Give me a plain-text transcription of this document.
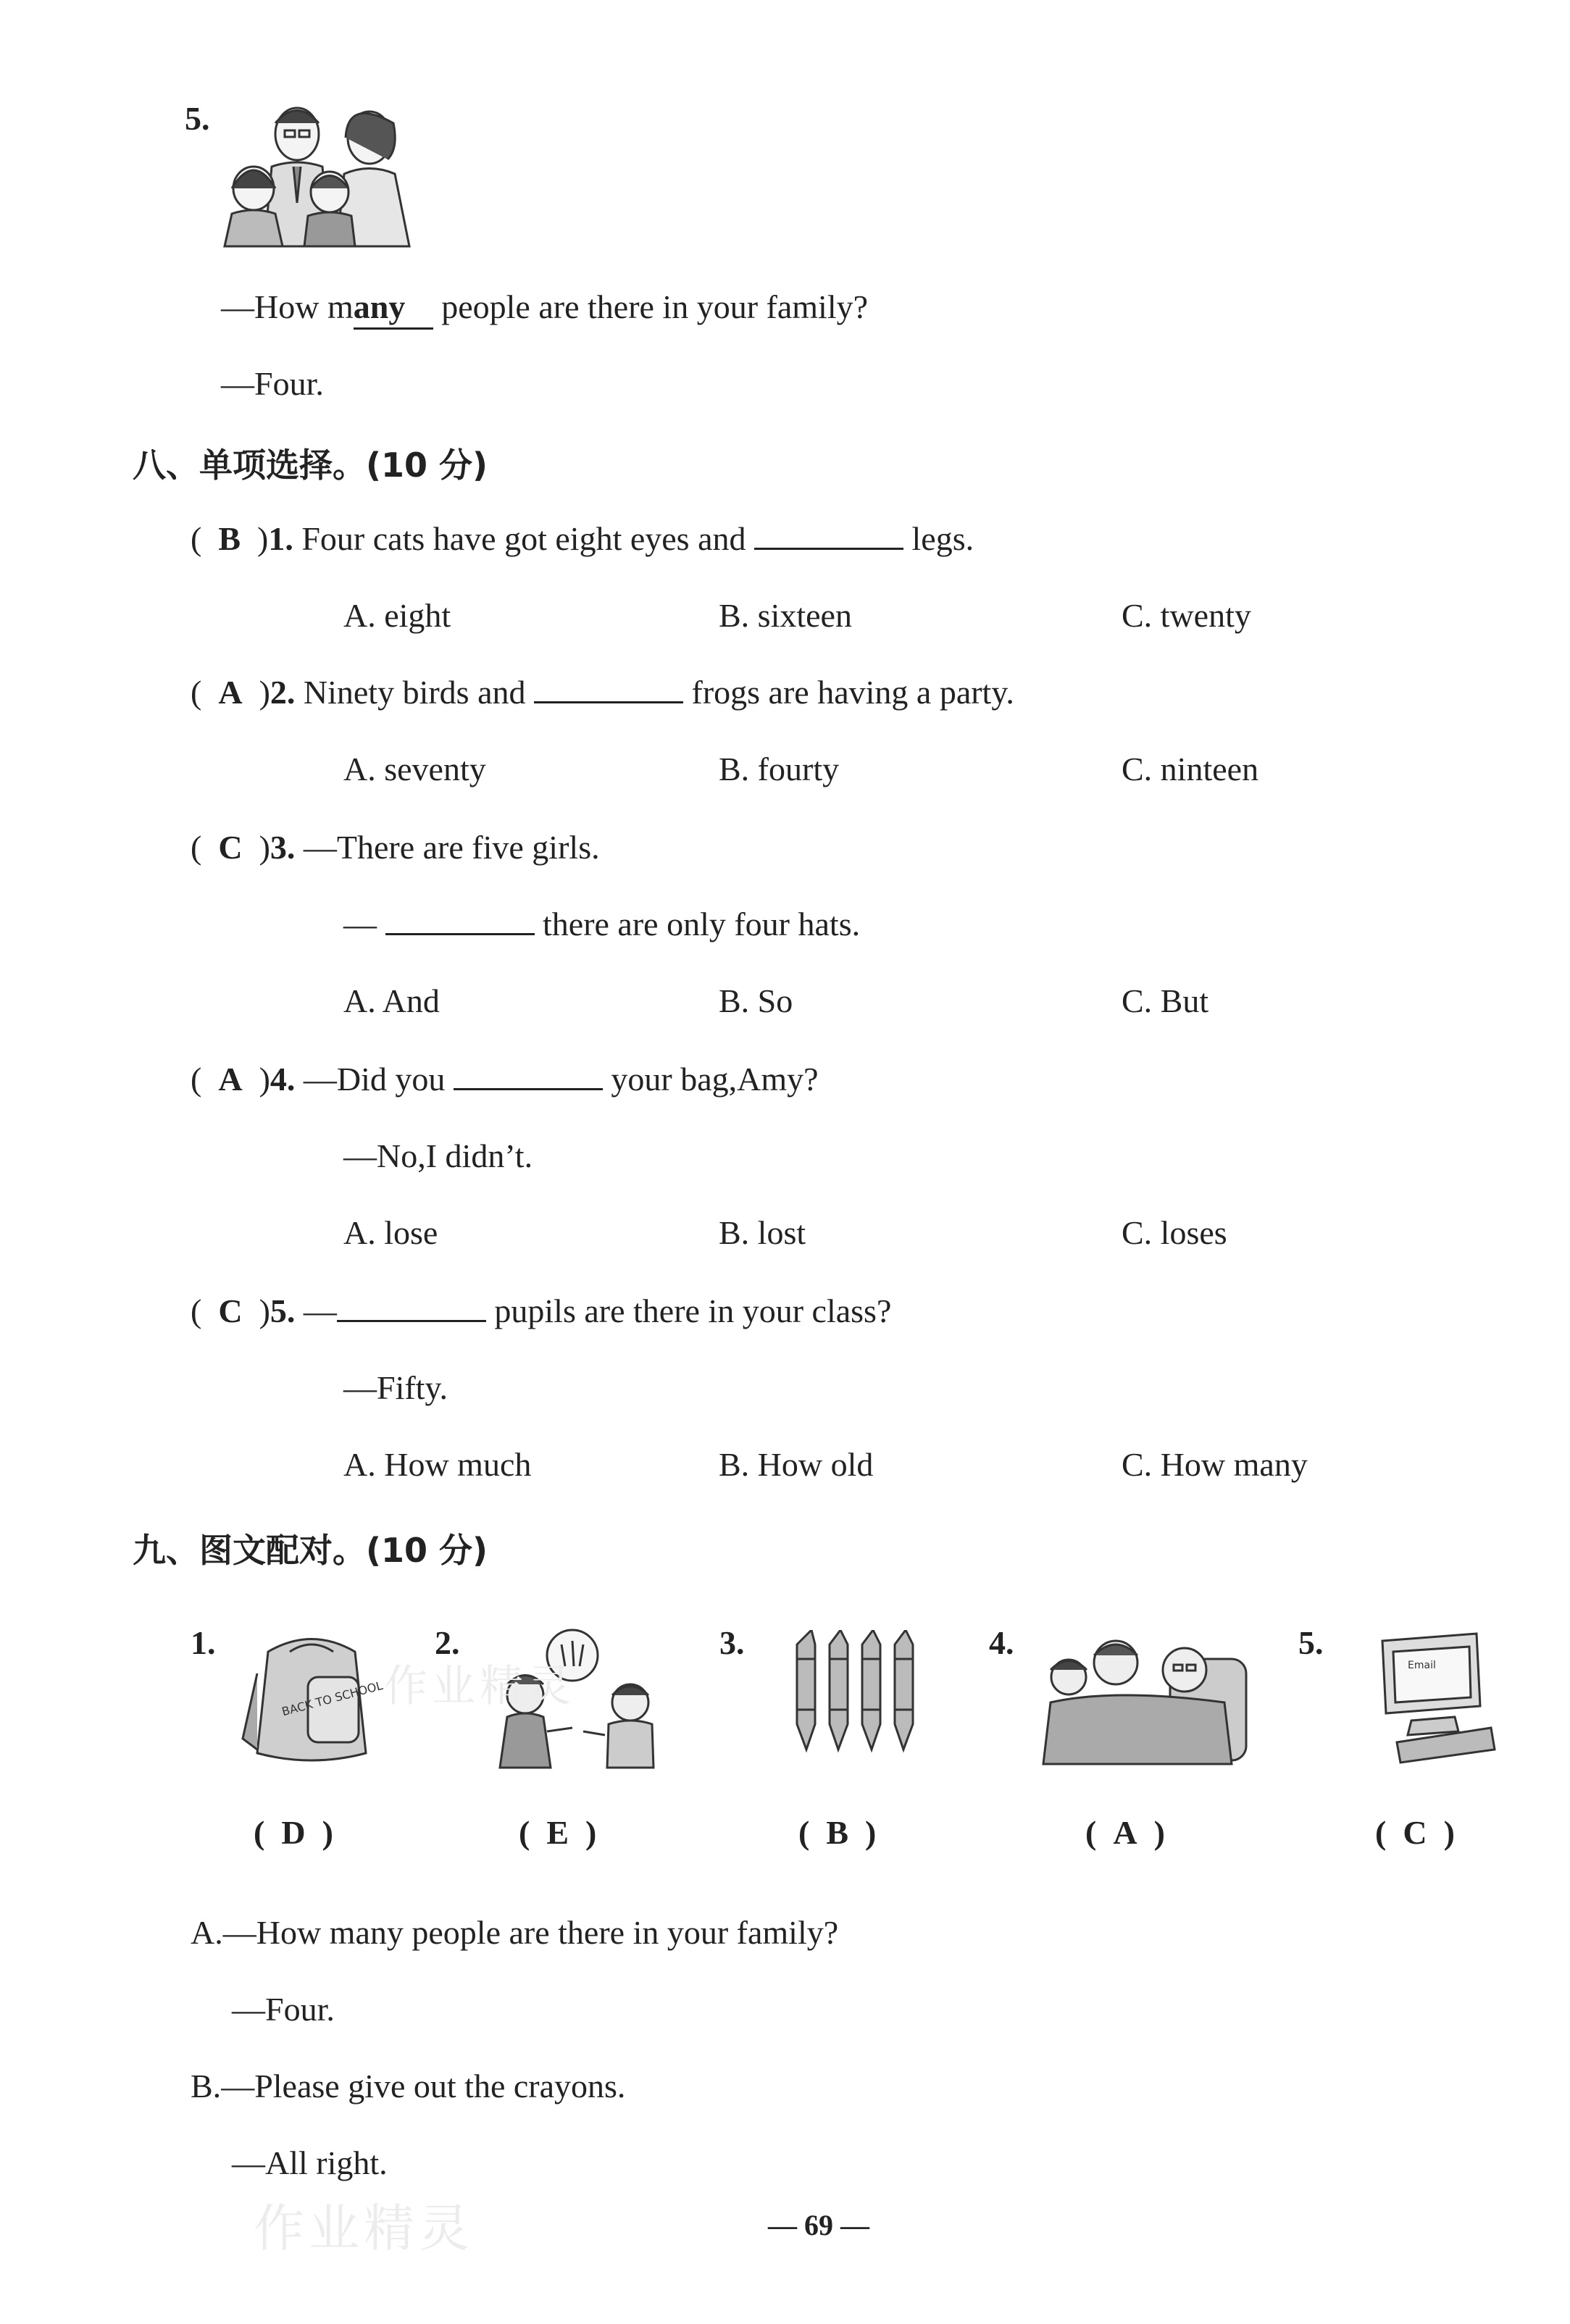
5.
—How many people are there in your family?
—Four.
八、单项选择。(10 分)
(  B  )1. Four cats have got eight eyes and	legs.
A. eight	B. sixteen	C. twenty
(  A  )2. Ninety birds and	frogs are having a party.
A. seventy	B. fourty	C. ninteen
(  C  )3. —There are five girls.
—	there are only four hats.
A. And	B. So	C. But
(  A  )4. —Did you	your bag,Amy?
—No,I didn’t.
A. lose	B. lost	C. loses
(  C  )5. —	pupils are there in your class?
—Fifty.
A. How much	B. How old	C. How many
九、图文配对。(10 分)
1.
BACK TO SCHOOL
(  D  )
2.
(  E  )
3.
(  B  )
4.
(  A  )
5.
Email
(  C  )
A.—How many people are there in your family?
—Four.
B.—Please give out the crayons.
—All right.
作业精灵
作业精灵
— 69 —
